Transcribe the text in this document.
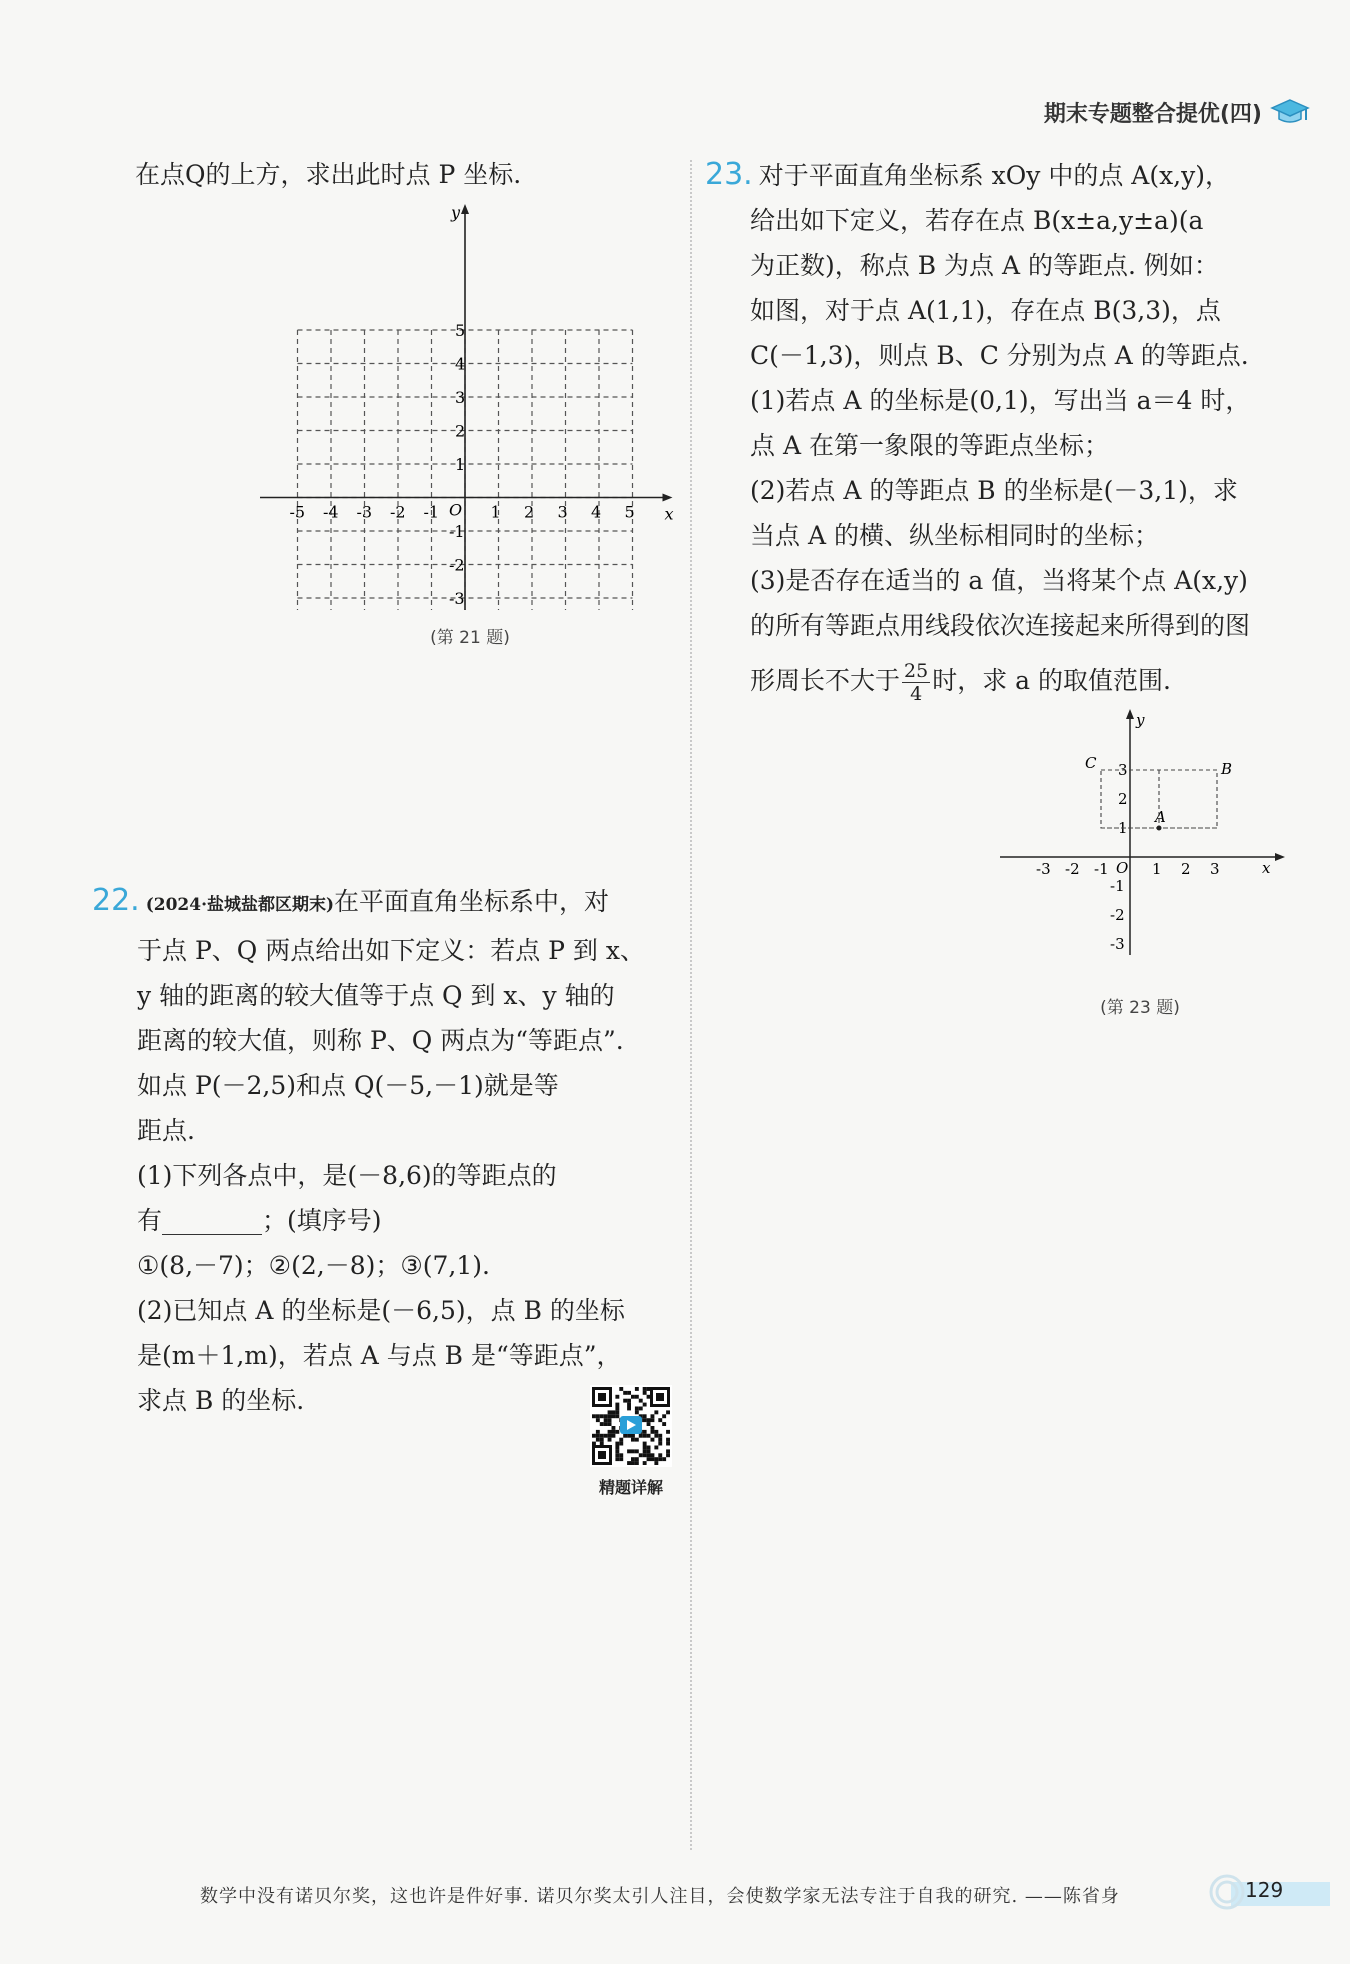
期末专题整合提优(四)
在点Q的上方，求出此时点 P 坐标.
x
y
O
-5 -4 -3 -2 -1	1 2 3 4 5
5
4
3
2
1
-1
-2
-3
(第 21 题)
22. (2024·盐城盐都区期末)在平面直角坐标系中，对
于点 P、Q 两点给出如下定义：若点 P 到 x、
y 轴的距离的较大值等于点 Q 到 x、y 轴的
距离的较大值，则称 P、Q 两点为“等距点”.
如点 P(－2,5)和点 Q(－5,－1)就是等
距点.
(1)下列各点中，是(－8,6)的等距点的
有	；(填序号)
①(8,－7)；②(2,－8)；③(7,1).
(2)已知点 A 的坐标是(－6,5)，点 B 的坐标
是(m＋1,m)，若点 A 与点 B 是“等距点”，
求点 B 的坐标.
精题详解
23. 对于平面直角坐标系 xOy 中的点 A(x,y)，
给出如下定义，若存在点 B(x±a,y±a)(a
为正数)，称点 B 为点 A 的等距点. 例如：
如图，对于点 A(1,1)，存在点 B(3,3)，点
C(－1,3)，则点 B、C 分别为点 A 的等距点.
(1)若点 A 的坐标是(0,1)，写出当 a＝4 时，
点 A 在第一象限的等距点坐标；
(2)若点 A 的等距点 B 的坐标是(－3,1)，求
当点 A 的横、纵坐标相同时的坐标；
(3)是否存在适当的 a 值，当将某个点 A(x,y)
的所有等距点用线段依次连接起来所得到的图
形周长不大于 $\frac{25}{4}$ 时，求 a 的取值范围.
x
y
O
-3 -2 -1	1 2 3
3
2
1
-1
-2
-3
A
B
C
(第 23 题)
数学中没有诺贝尔奖，这也许是件好事. 诺贝尔奖太引人注目，会使数学家无法专注于自我的研究. ——陈省身	129
